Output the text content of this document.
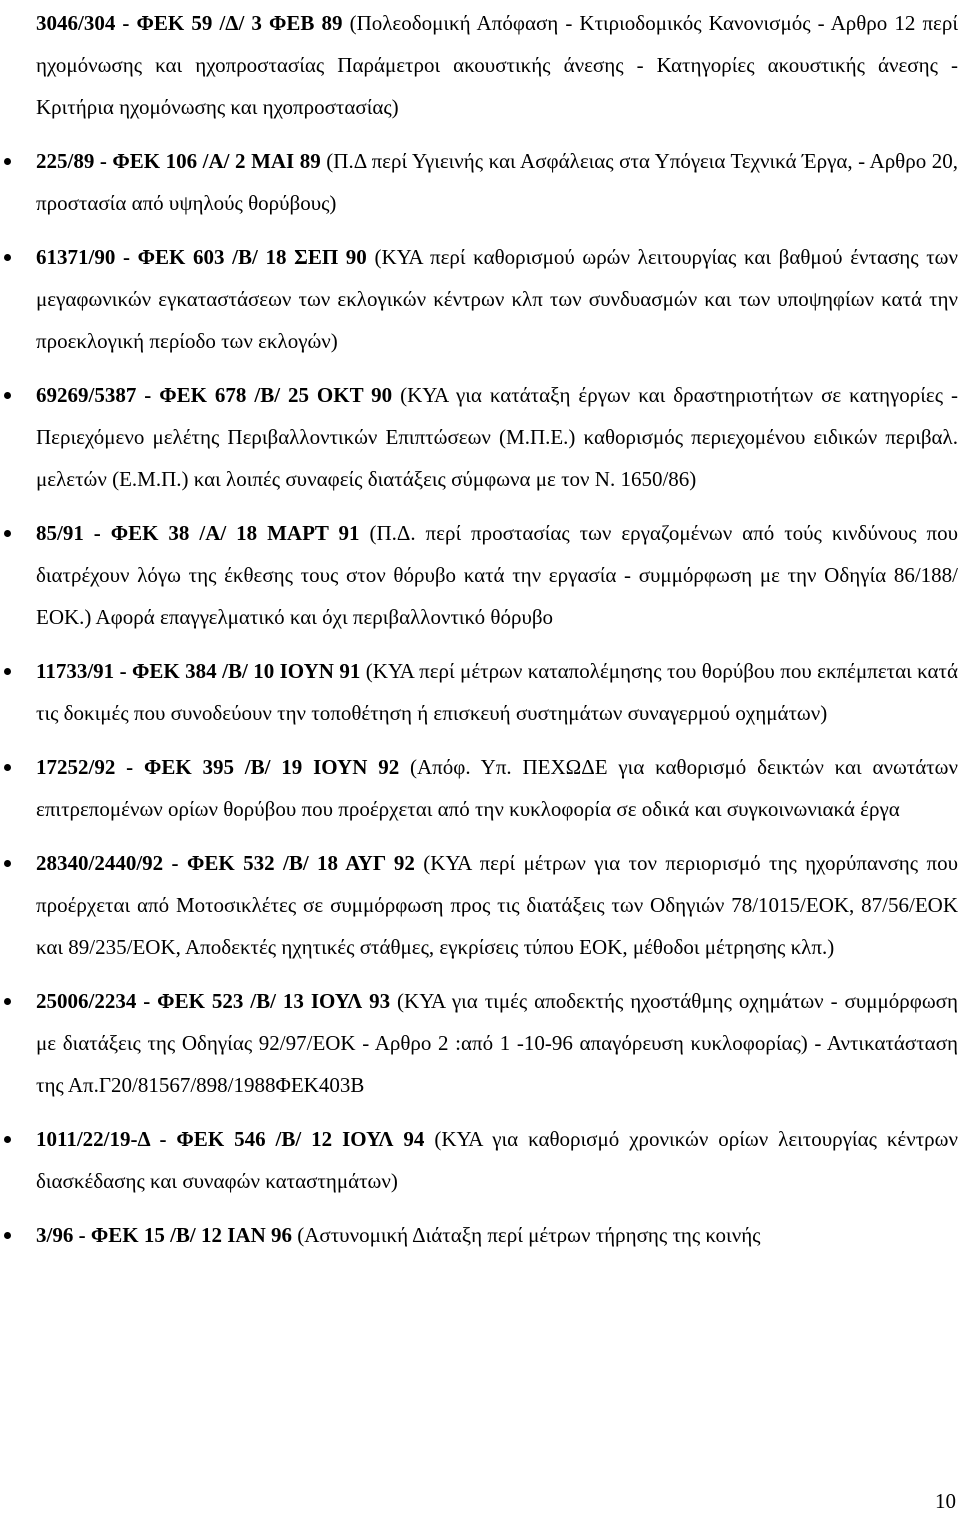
3046/304 - ΦΕΚ 59 /Δ/ 3 ΦΕΒ 89 (Πολεοδομική Απόφαση - Κτιριοδομικός Κανονισμός - Αρθρο 12 περί ηχομόνωσης και ηχοπροστασίας Παράμετροι ακουστικής άνεσης - Κατηγορίες ακουστικής άνεσης - Κριτήρια ηχομόνωσης και ηχοπροστασίας)
225/89 - ΦΕΚ 106 /Α/ 2 ΜΑΙ 89 (Π.Δ περί Υγιεινής και Ασφάλειας στα Υπόγεια Τεχνικά Έργα, - Αρθρο 20, προστασία από υψηλούς θορύβους)
61371/90 - ΦΕΚ 603 /Β/ 18 ΣΕΠ 90 (ΚΥΑ περί καθορισμού ωρών λειτουργίας και βαθμού έντασης των μεγαφωνικών εγκαταστάσεων των εκλογικών κέντρων κλπ των συνδυασμών και των υποψηφίων κατά την προεκλογική περίοδο των εκλογών)
69269/5387 - ΦΕΚ 678 /Β/ 25 ΟΚΤ 90 (ΚΥΑ για κατάταξη έργων και δραστηριοτήτων σε κατηγορίες - Περιεχόμενο μελέτης Περιβαλλοντικών Επιπτώσεων (Μ.Π.Ε.) καθορισμός περιεχομένου ειδικών περιβαλ. μελετών (Ε.Μ.Π.) και λοιπές συναφείς διατάξεις σύμφωνα με τον Ν. 1650/86)
85/91 - ΦΕΚ 38 /Α/ 18 ΜΑΡΤ 91 (Π.Δ. περί προστασίας των εργαζομένων από τούς κινδύνους που διατρέχουν λόγω της έκθεσης τους στον θόρυβο κατά την εργασία - συμμόρφωση με την Οδηγία 86/188/ΕΟΚ.) Αφορά επαγγελματικό και όχι περιβαλλοντικό θόρυβο
11733/91 - ΦΕΚ 384 /Β/ 10 ΙΟΥΝ 91 (ΚΥΑ περί μέτρων καταπολέμησης του θορύβου που εκπέμπεται κατά τις δοκιμές που συνοδεύουν την τοποθέτηση ή επισκευή συστημάτων συναγερμού οχημάτων)
17252/92 - ΦΕΚ 395 /Β/ 19 ΙΟΥΝ 92 (Απόφ. Υπ. ΠΕΧΩΔΕ για καθορισμό δεικτών και ανωτάτων επιτρεπομένων ορίων θορύβου που προέρχεται από την κυκλοφορία σε οδικά και συγκοινωνιακά έργα
28340/2440/92 - ΦΕΚ 532 /Β/ 18 ΑΥΓ 92 (ΚΥΑ περί μέτρων για τον περιορισμό της ηχορύπανσης που προέρχεται από Μοτοσικλέτες σε συμμόρφωση προς τις διατάξεις των Οδηγιών 78/1015/ΕΟΚ, 87/56/ΕΟΚ και 89/235/ΕΟΚ, Αποδεκτές ηχητικές στάθμες, εγκρίσεις τύπου ΕΟΚ, μέθοδοι μέτρησης κλπ.)
25006/2234 - ΦΕΚ 523 /Β/ 13 ΙΟΥΛ 93 (ΚΥΑ για τιμές αποδεκτής ηχοστάθμης οχημάτων - συμμόρφωση με διατάξεις της Οδηγίας 92/97/ΕΟΚ - Αρθρο 2 :από 1 -10-96 απαγόρευση κυκλοφορίας) - Αντικατάσταση της Απ.Γ20/81567/898/1988ΦΕΚ403Β
1011/22/19-Δ - ΦΕΚ 546 /Β/ 12 ΙΟΥΛ 94 (ΚΥΑ για καθορισμό χρονικών ορίων λειτουργίας κέντρων διασκέδασης και συναφών καταστημάτων)
3/96 - ΦΕΚ 15 /Β/ 12 ΙΑΝ 96 (Αστυνομική Διάταξη περί μέτρων τήρησης της κοινής
10
